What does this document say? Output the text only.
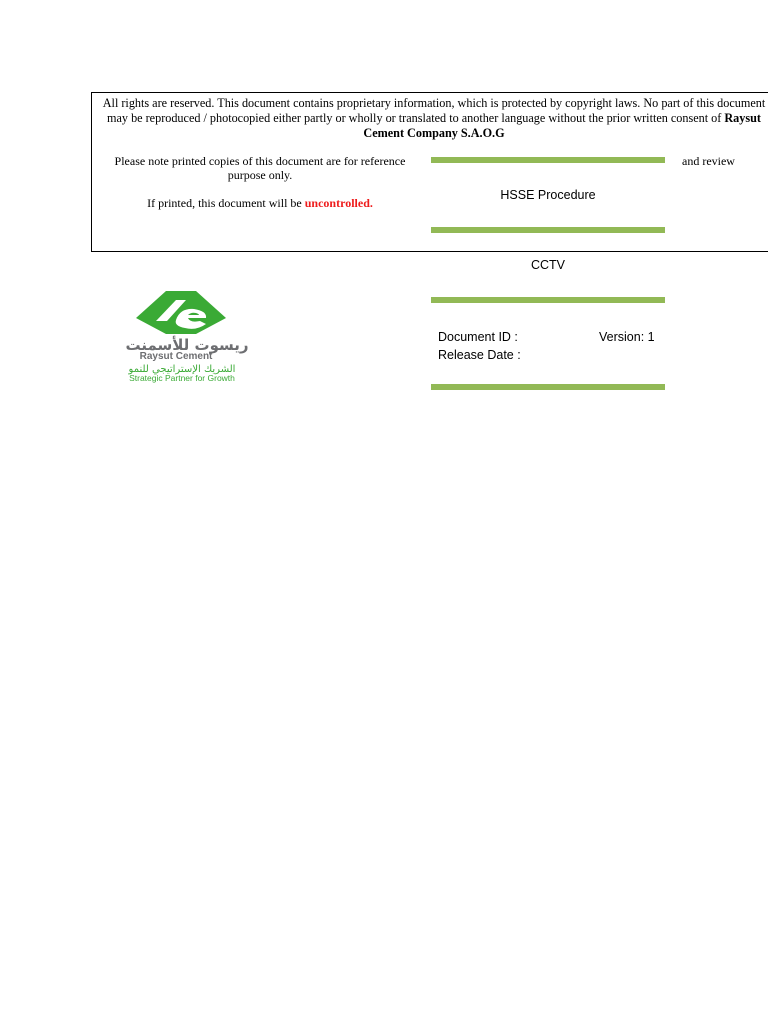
All rights are reserved. This document contains proprietary information, which is protected by copyright laws. No part of this document may be reproduced / photocopied either partly or wholly or translated to another language without the prior written consent of Raysut Cement Company S.A.O.G
Please note printed copies of this document are for reference purpose only.
If printed, this document will be uncontrolled.
and review
HSSE Procedure
CCTV
Document ID :
Release Date :
Version: 1
ريسوت للأسمنت
Raysut Cement
الشريك الإستراتيجي للنمو
Strategic Partner for Growth
